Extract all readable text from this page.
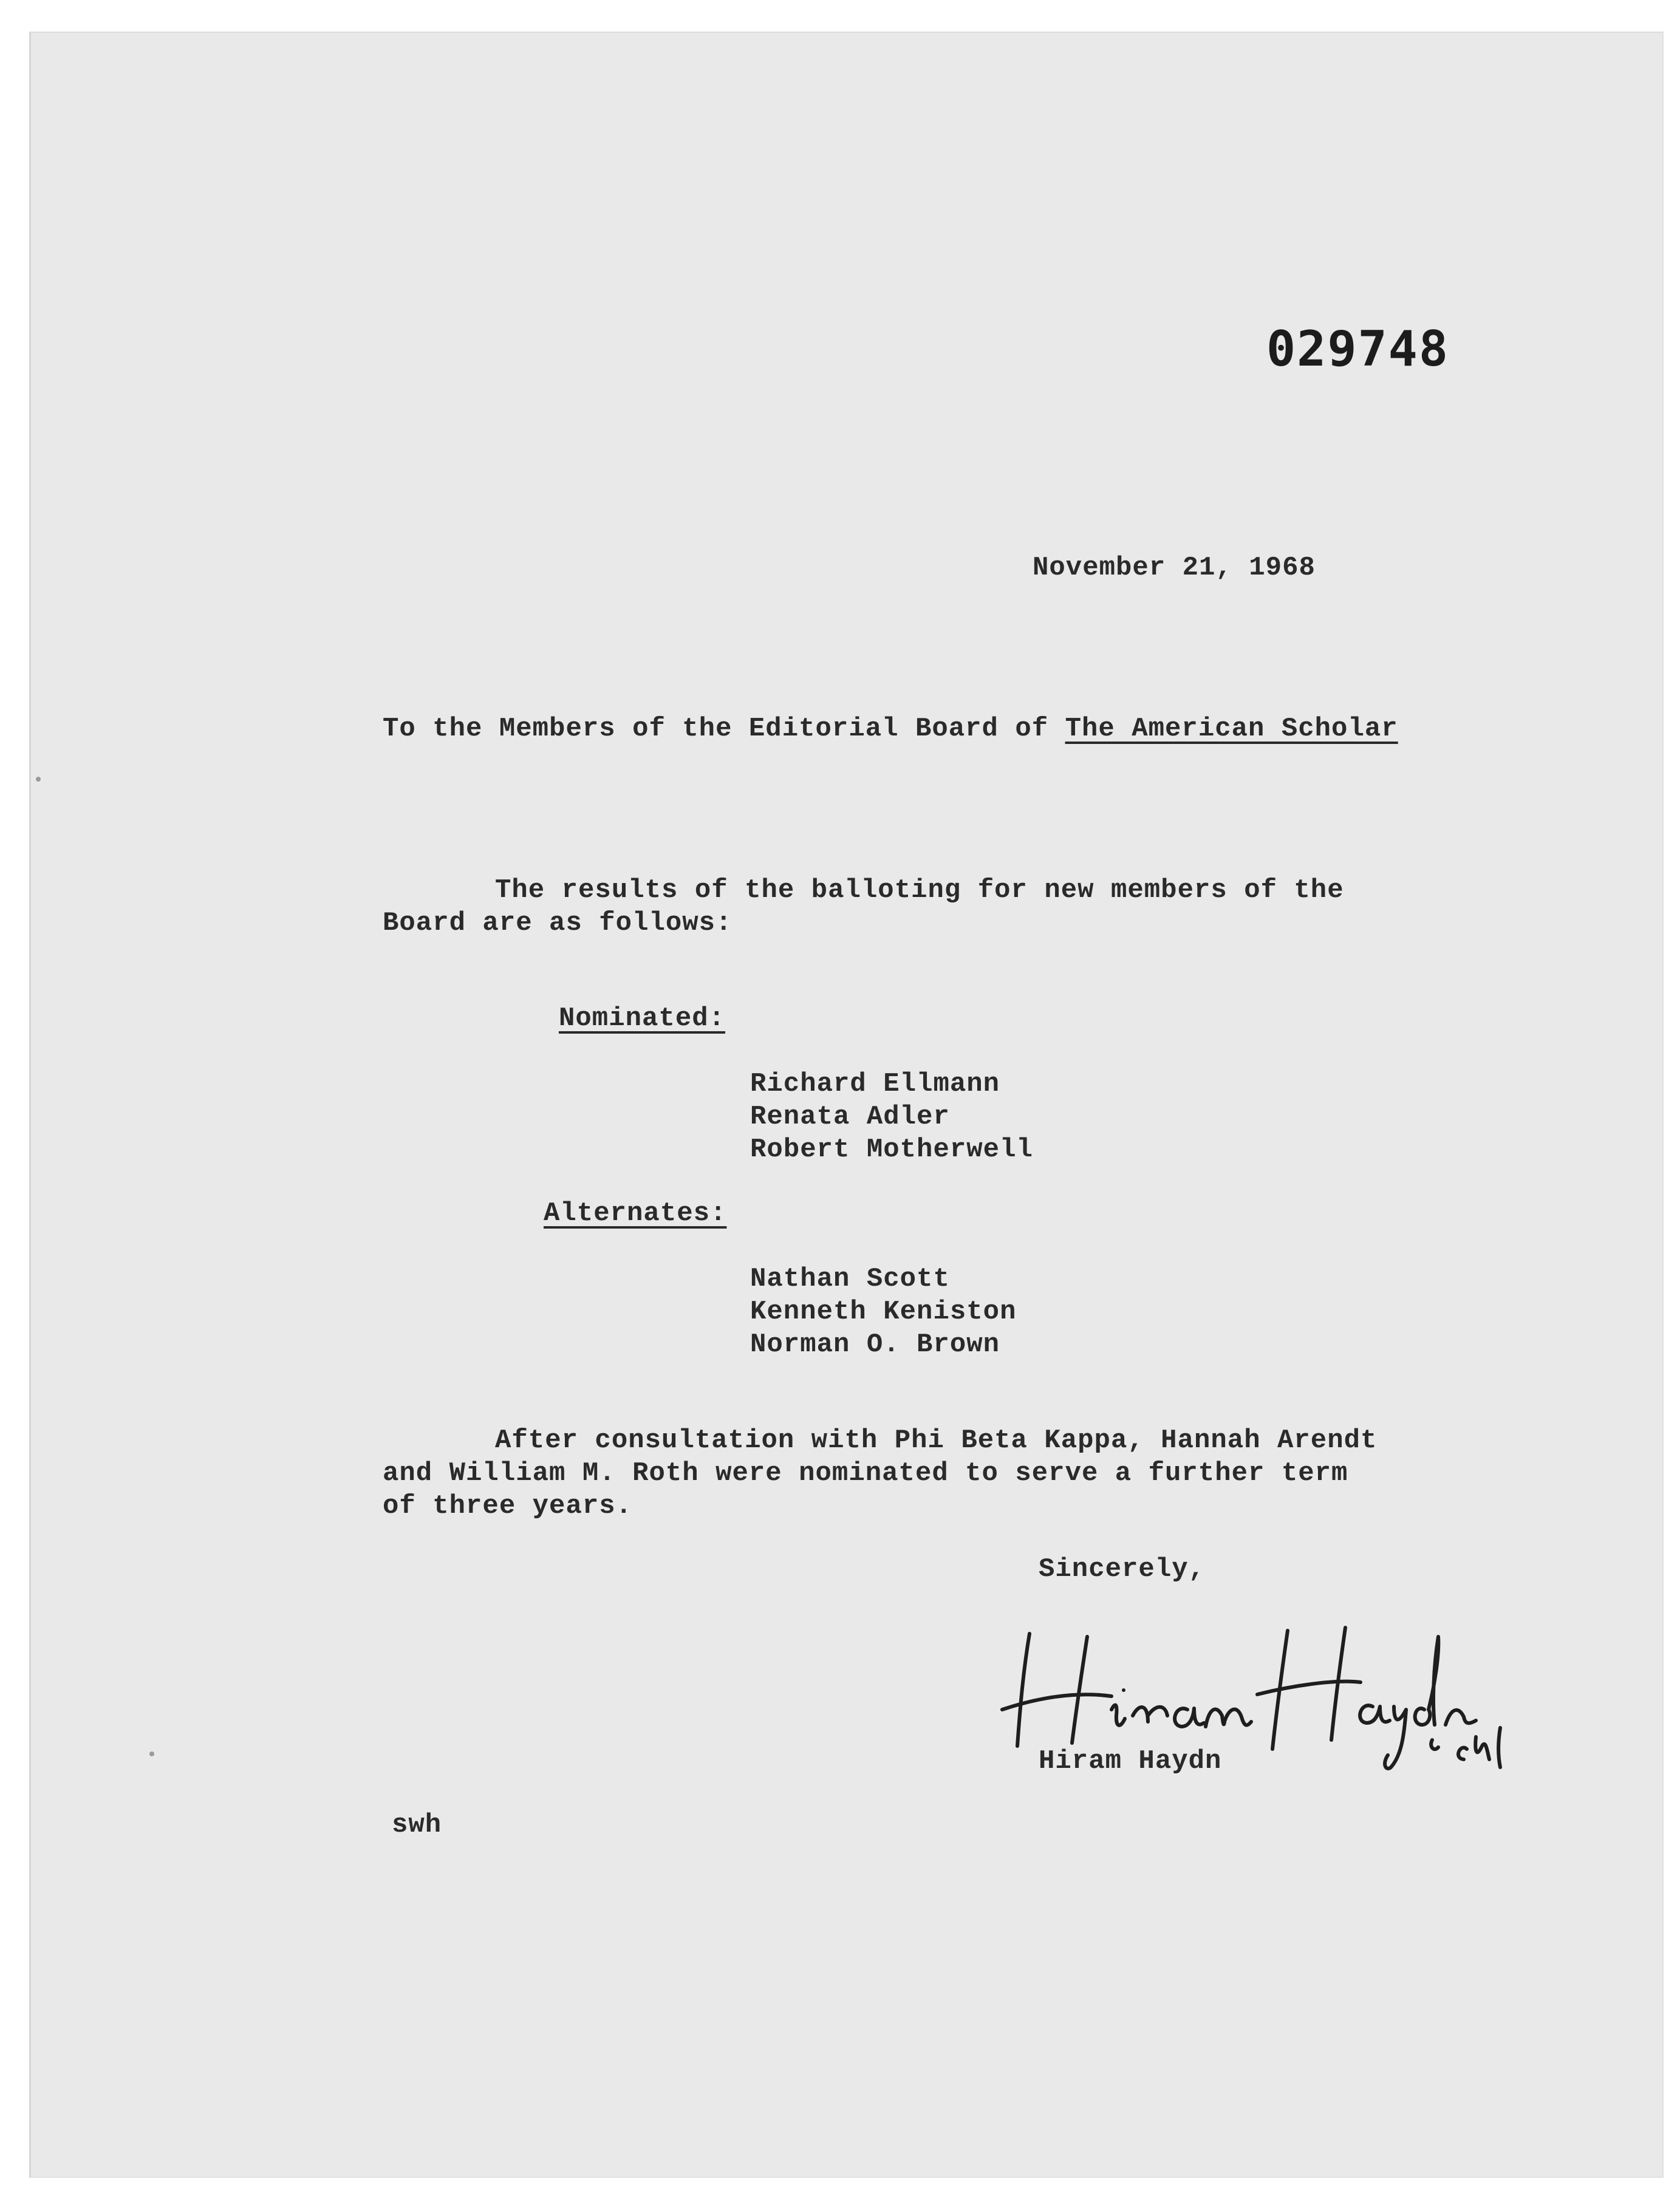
029748
November 21, 1968
To the Members of the Editorial Board of The American Scholar
The results of the balloting for new members of the
Board are as follows:
Nominated:
Richard Ellmann
Renata Adler
Robert Motherwell
Alternates:
Nathan Scott
Kenneth Keniston
Norman O. Brown
After consultation with Phi Beta Kappa, Hannah Arendt
and William M. Roth were nominated to serve a further term
of three years.
Sincerely,
Hiram Haydn
swh
